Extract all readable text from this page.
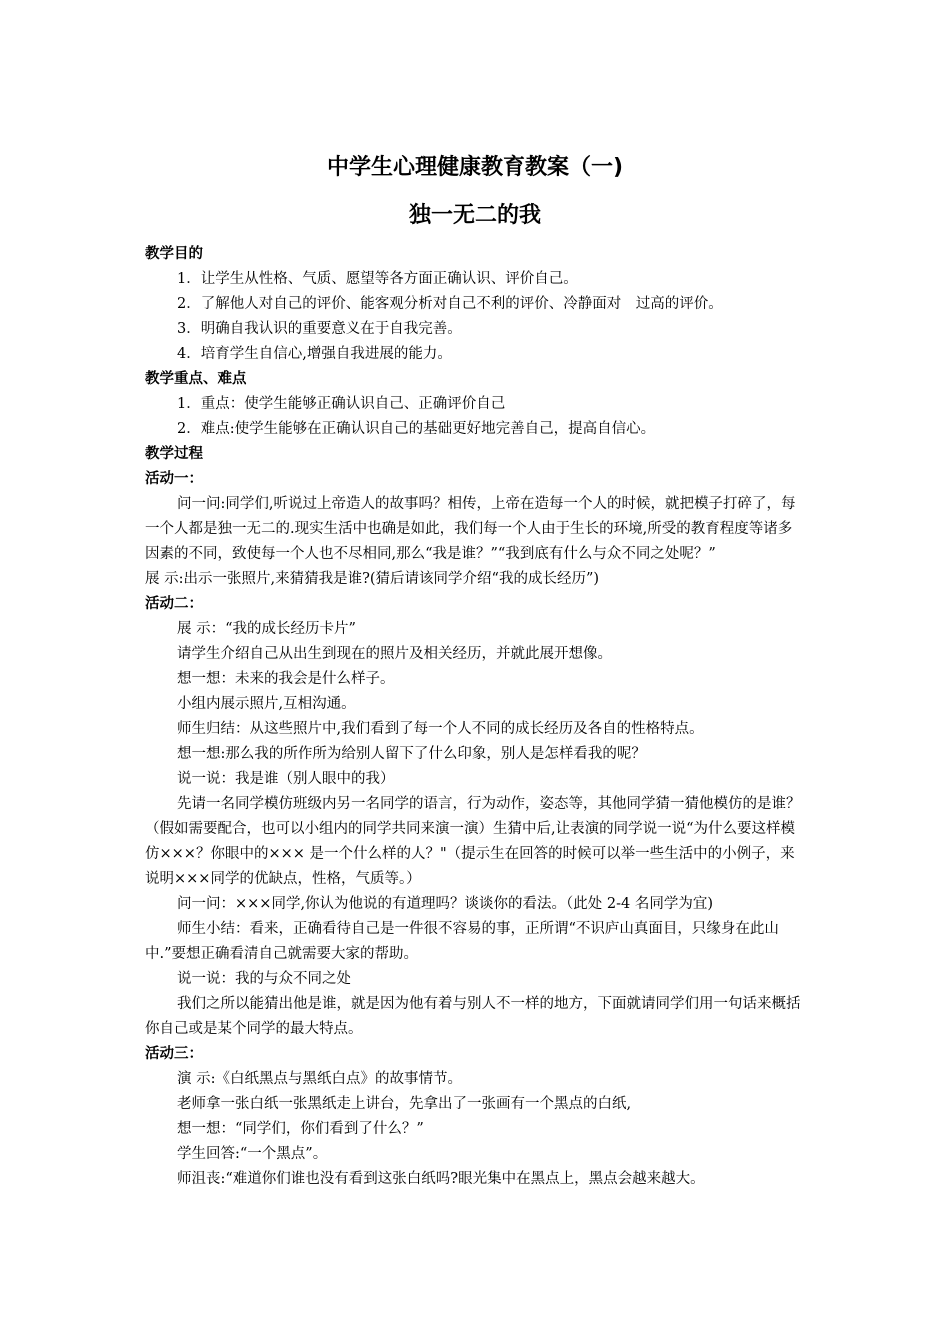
中学生心理健康教育教案（一)
独一无二的我
教学目的

1．让学生从性格、气质、愿望等各方面正确认识、评价自己。

2．了解他人对自己的评价、能客观分析对自己不利的评价、冷静面对　过高的评价。

3．明确自我认识的重要意义在于自我完善。

4．培育学生自信心,增强自我进展的能力。

教学重点、难点

1．重点：使学生能够正确认识自己、正确评价自己

2．难点:使学生能够在正确认识自己的基础更好地完善自己，提高自信心。

教学过程
活动一：

问一问:同学们,听说过上帝造人的故事吗？相传，上帝在造每一个人的时候，就把模子打碎了，每一个人都是独一无二的.现实生活中也确是如此，我们每一个人由于生长的环境,所受的教育程度等诸多因素的不同，致使每一个人也不尽相同,那么“我是谁？”“我到底有什么与众不同之处呢？”

展 示:出示一张照片,来猜猜我是谁?(猜后请该同学介绍“我的成长经历”)

活动二：

展 示：“我的成长经历卡片”

请学生介绍自己从出生到现在的照片及相关经历，并就此展开想像。

想一想：未来的我会是什么样子。

小组内展示照片,互相沟通。

师生归结：从这些照片中,我们看到了每一个人不同的成长经历及各自的性格特点。

想一想:那么我的所作所为给别人留下了什么印象，别人是怎样看我的呢？

说一说：我是谁（别人眼中的我）

先请一名同学模仿班级内另一名同学的语言，行为动作，姿态等，其他同学猜一猜他模仿的是谁？（假如需要配合，也可以小组内的同学共同来演一演）生猜中后,让表演的同学说一说“为什么要这样模仿×××？你眼中的××× 是一个什么样的人？"（提示生在回答的时候可以举一些生活中的小例子，来说明×××同学的优缺点，性格，气质等。）

问一问：×××同学,你认为他说的有道理吗？谈谈你的看法。（此处 2-4 名同学为宜)

师生小结：看来，正确看待自己是一件很不容易的事，正所谓“不识庐山真面目，只缘身在此山中.”要想正确看清自己就需要大家的帮助。

说一说：我的与众不同之处

我们之所以能猜出他是谁，就是因为他有着与别人不一样的地方，下面就请同学们用一句话来概括你自己或是某个同学的最大特点。

活动三：

演 示:《白纸黑点与黑纸白点》的故事情节。

老师拿一张白纸一张黑纸走上讲台，先拿出了一张画有一个黑点的白纸,

想一想：“同学们，你们看到了什么？”

学生回答:“一个黑点”。

师沮丧:“难道你们谁也没有看到这张白纸吗?眼光集中在黑点上，黑点会越来越大。
